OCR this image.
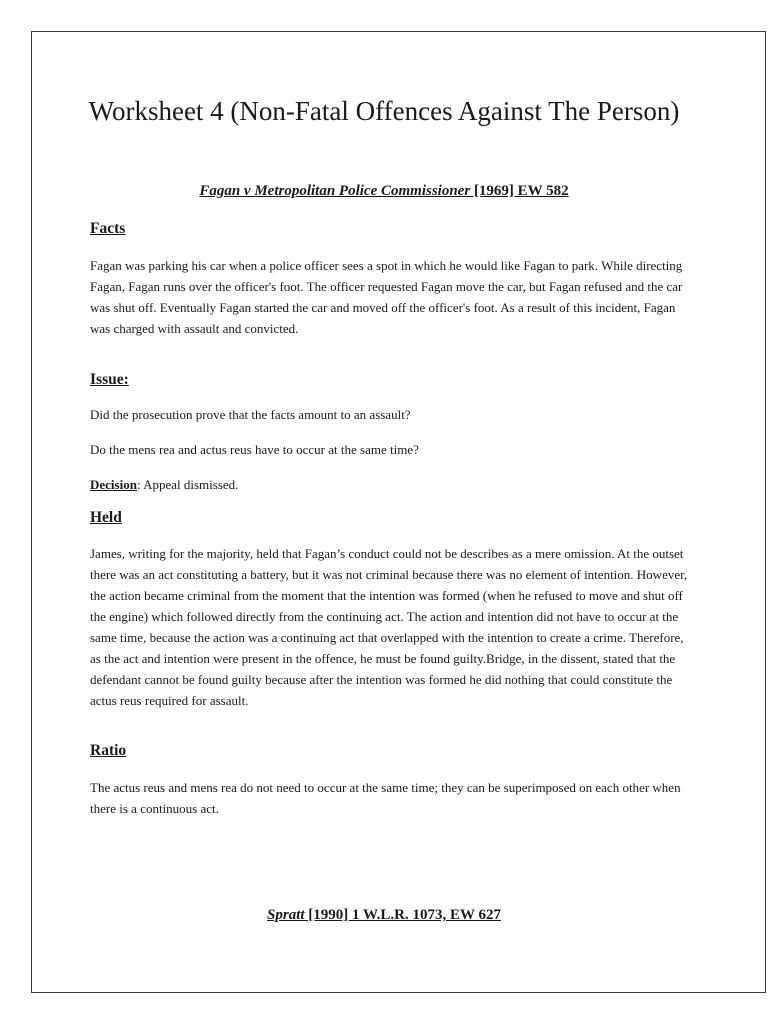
Worksheet 4 (Non-Fatal Offences Against The Person)

Fagan v Metropolitan Police Commissioner [1969] EW 582

Facts

Fagan was parking his car when a police officer sees a spot in which he would like Fagan to park. While directing Fagan, Fagan runs over the officer's foot. The officer requested Fagan move the car, but Fagan refused and the car was shut off. Eventually Fagan started the car and moved off the officer's foot. As a result of this incident, Fagan was charged with assault and convicted.

Issue:

Did the prosecution prove that the facts amount to an assault?

Do the mens rea and actus reus have to occur at the same time?

Decision: Appeal dismissed.

Held

James, writing for the majority, held that Fagan’s conduct could not be describes as a mere omission. At the outset there was an act constituting a battery, but it was not criminal because there was no element of intention. However, the action became criminal from the moment that the intention was formed (when he refused to move and shut off the engine) which followed directly from the continuing act. The action and intention did not have to occur at the same time, because the action was a continuing act that overlapped with the intention to create a crime. Therefore, as the act and intention were present in the offence, he must be found guilty.Bridge, in the dissent, stated that the defendant cannot be found guilty because after the intention was formed he did nothing that could constitute the actus reus required for assault.

Ratio

The actus reus and mens rea do not need to occur at the same time; they can be superimposed on each other when there is a continuous act.

Spratt [1990] 1 W.L.R. 1073, EW 627
